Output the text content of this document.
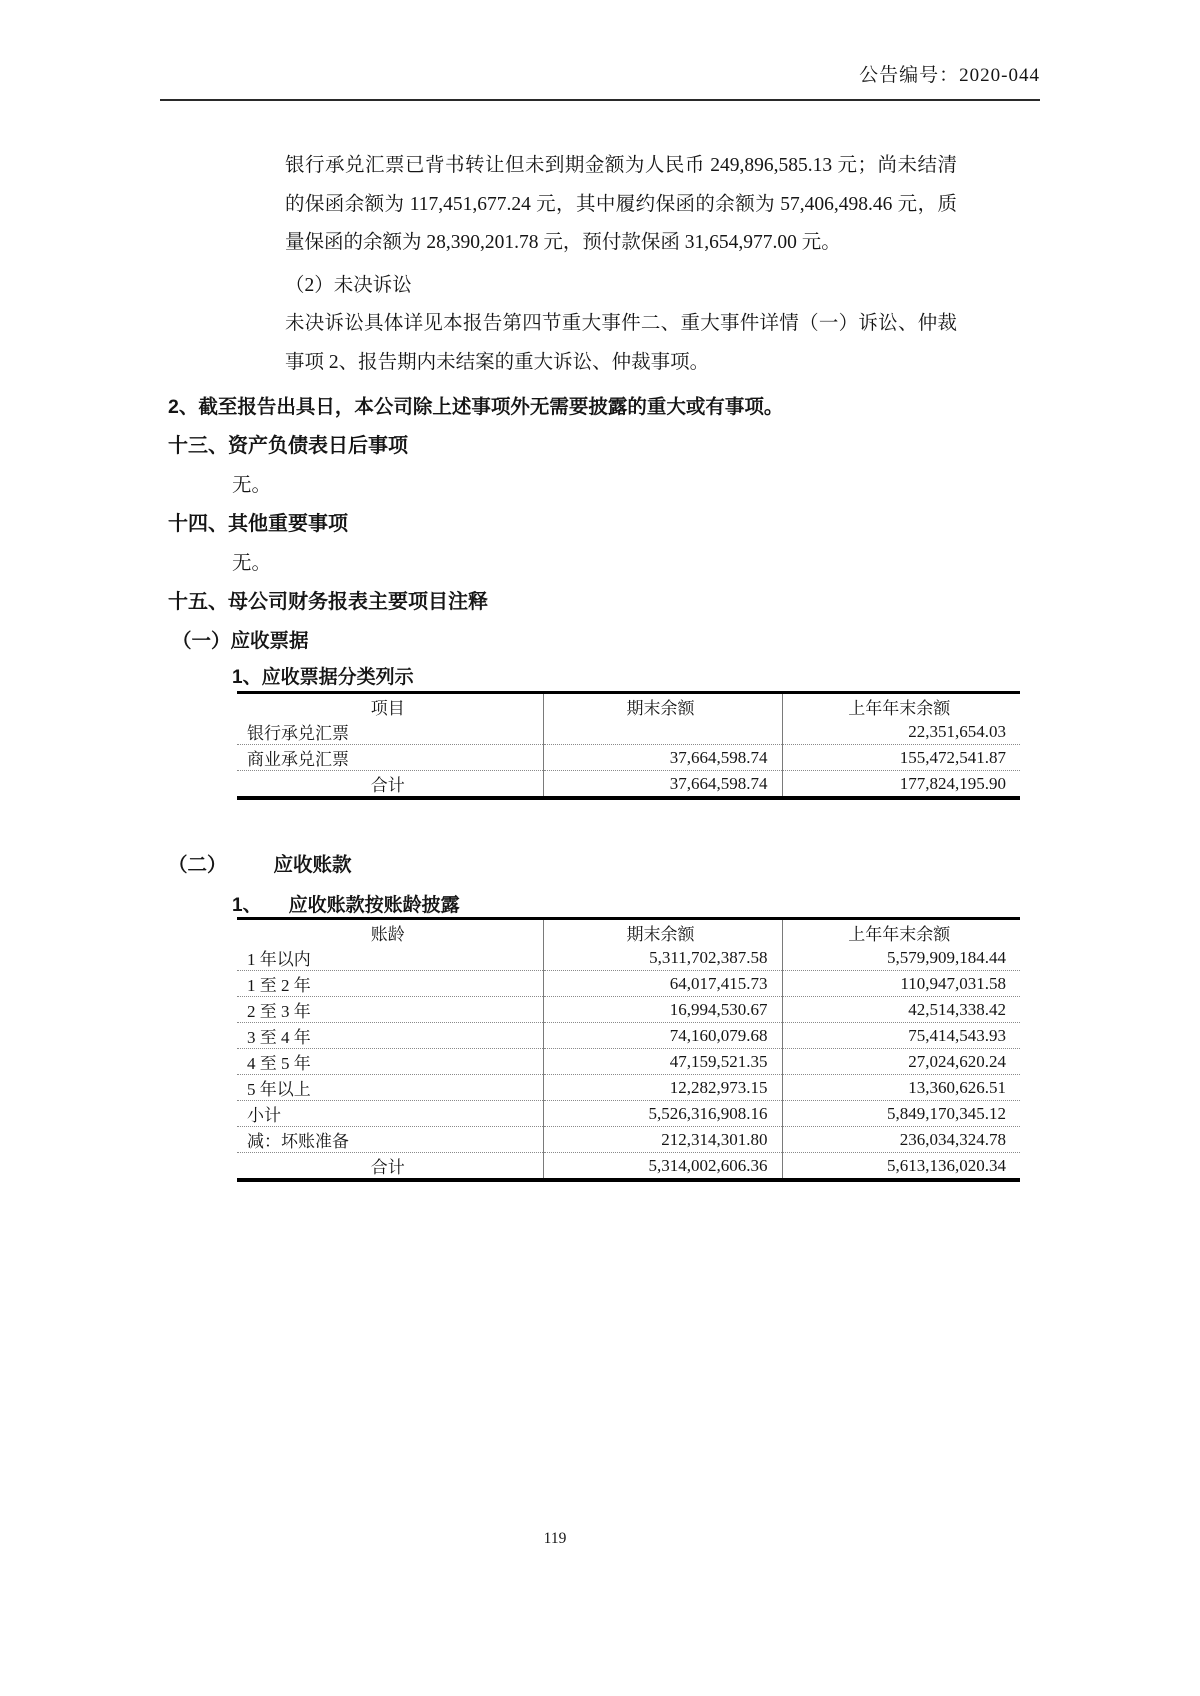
公告编号：2020-044

银行承兑汇票已背书转让但未到期金额为人民币 249,896,585.13 元；尚未结清的保函余额为 117,451,677.24 元，其中履约保函的余额为 57,406,498.46 元，质量保函的余额为 28,390,201.78 元，预付款保函 31,654,977.00 元。

（2）未决诉讼

未决诉讼具体详见本报告第四节重大事件二、重大事件详情（一）诉讼、仲裁事项 2、报告期内未结案的重大诉讼、仲裁事项。

2、截至报告出具日，本公司除上述事项外无需要披露的重大或有事项。

十三、资产负债表日后事项

无。

十四、其他重要事项

无。

十五、母公司财务报表主要项目注释
（一）应收票据
1、应收票据分类列示
项目	期末余额	上年年末余额
银行承兑汇票		22,351,654.03
商业承兑汇票	37,664,598.74	155,472,541.87
合计	37,664,598.74	177,824,195.90
（二） 应收账款
1、 应收账款按账龄披露
账龄	期末余额	上年年末余额
1 年以内	5,311,702,387.58	5,579,909,184.44
1 至 2 年	64,017,415.73	110,947,031.58
2 至 3 年	16,994,530.67	42,514,338.42
3 至 4 年	74,160,079.68	75,414,543.93
4 至 5 年	47,159,521.35	27,024,620.24
5 年以上	12,282,973.15	13,360,626.51
小计	5,526,316,908.16	5,849,170,345.12
减：坏账准备	212,314,301.80	236,034,324.78
合计	5,314,002,606.36	5,613,136,020.34
119
